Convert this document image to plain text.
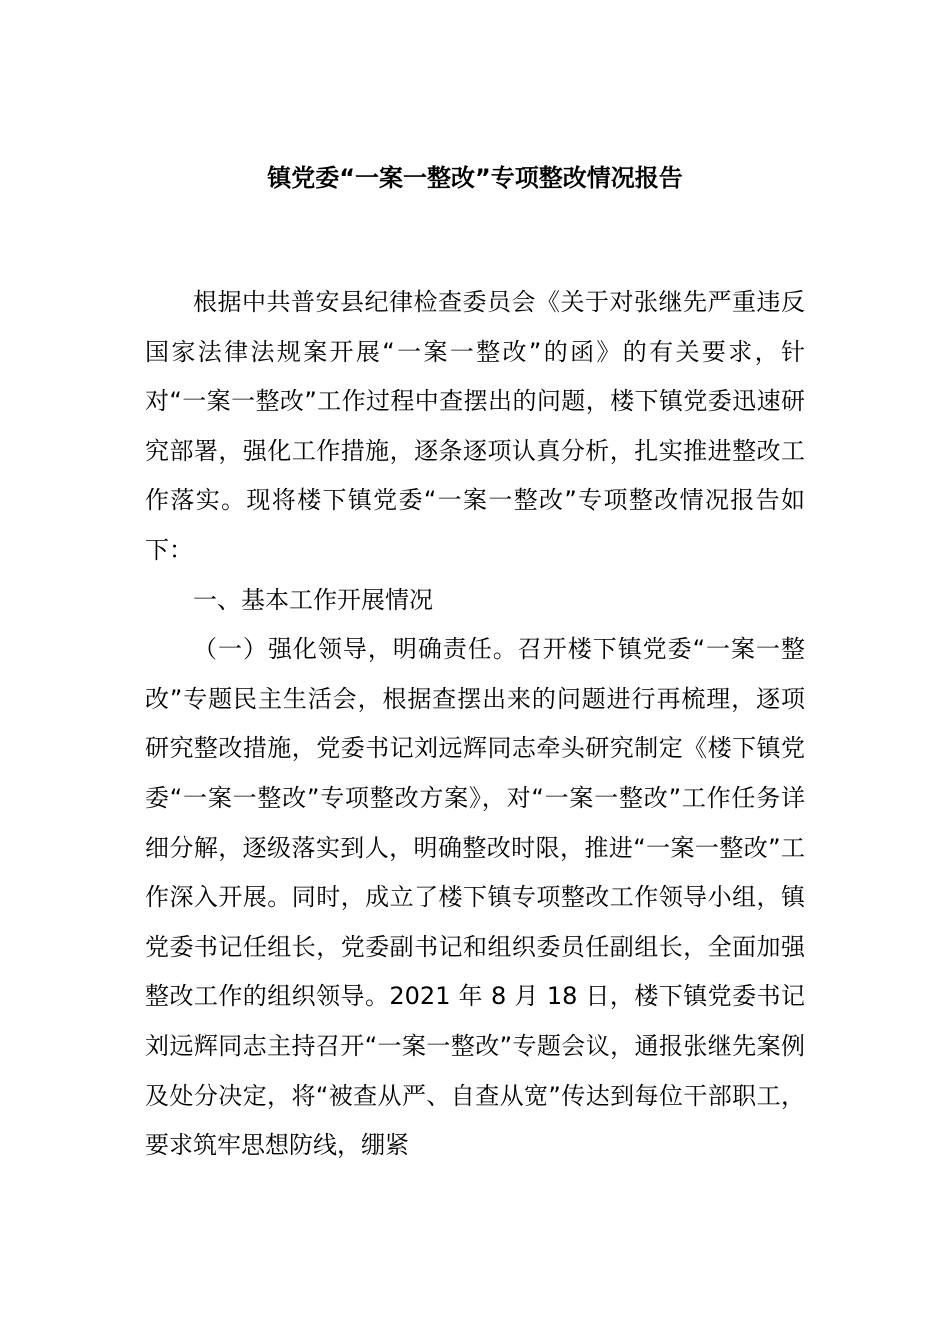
镇党委“一案一整改”专项整改情况报告

根据中共普安县纪律检查委员会《关于对张继先严重违反国家法律法规案开展“一案一整改”的函》的有关要求，针对“一案一整改”工作过程中查摆出的问题，楼下镇党委迅速研究部署，强化工作措施，逐条逐项认真分析，扎实推进整改工作落实。现将楼下镇党委“一案一整改”专项整改情况报告如下：

一、基本工作开展情况

（一）强化领导，明确责任。召开楼下镇党委“一案一整改”专题民主生活会，根据查摆出来的问题进行再梳理，逐项研究整改措施，党委书记刘远辉同志牵头研究制定《楼下镇党委“一案一整改”专项整改方案》，对“一案一整改”工作任务详细分解，逐级落实到人，明确整改时限，推进“一案一整改”工作深入开展。同时，成立了楼下镇专项整改工作领导小组，镇党委书记任组长，党委副书记和组织委员任副组长，全面加强整改工作的组织领导。2021 年 8 月 18 日，楼下镇党委书记刘远辉同志主持召开“一案一整改”专题会议，通报张继先案例及处分决定，将“被查从严、自查从宽”传达到每位干部职工，要求筑牢思想防线，绷紧
